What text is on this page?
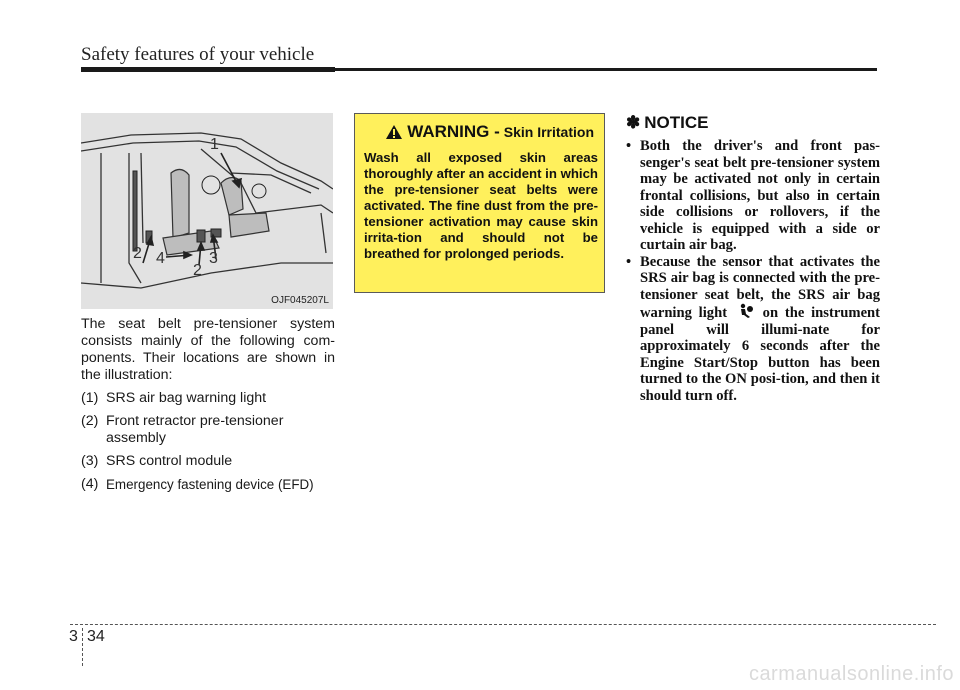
Safety features of your vehicle
1
2 4
2
3
OJF045207L

The seat belt pre-tensioner system consists mainly of the following com-ponents. Their locations are shown in the illustration:

(1) SRS air bag warning light
(2) Front retractor pre-tensioner assembly
(3) SRS control module
(4) Emergency fastening device (EFD)
WARNING - Skin Irritation
Wash all exposed skin areas thoroughly after an accident in which the pre-tensioner seat belts were activated. The fine dust from the pre-tensioner activation may cause skin irrita-tion and should not be breathed for prolonged periods.
✽ NOTICE
• Both the driver's and front pas-senger's seat belt pre-tensioner system may be activated not only in certain frontal collisions, but also in certain side collisions or rollovers, if the vehicle is equipped with a side or curtain air bag.
• Because the sensor that activates the SRS air bag is connected with the pre-tensioner seat belt, the SRS air bag warning light on the instrument panel will illumi-nate for approximately 6 seconds after the Engine Start/Stop button has been turned to the ON posi-tion, and then it should turn off.
3 34
carmanualsonline.info
